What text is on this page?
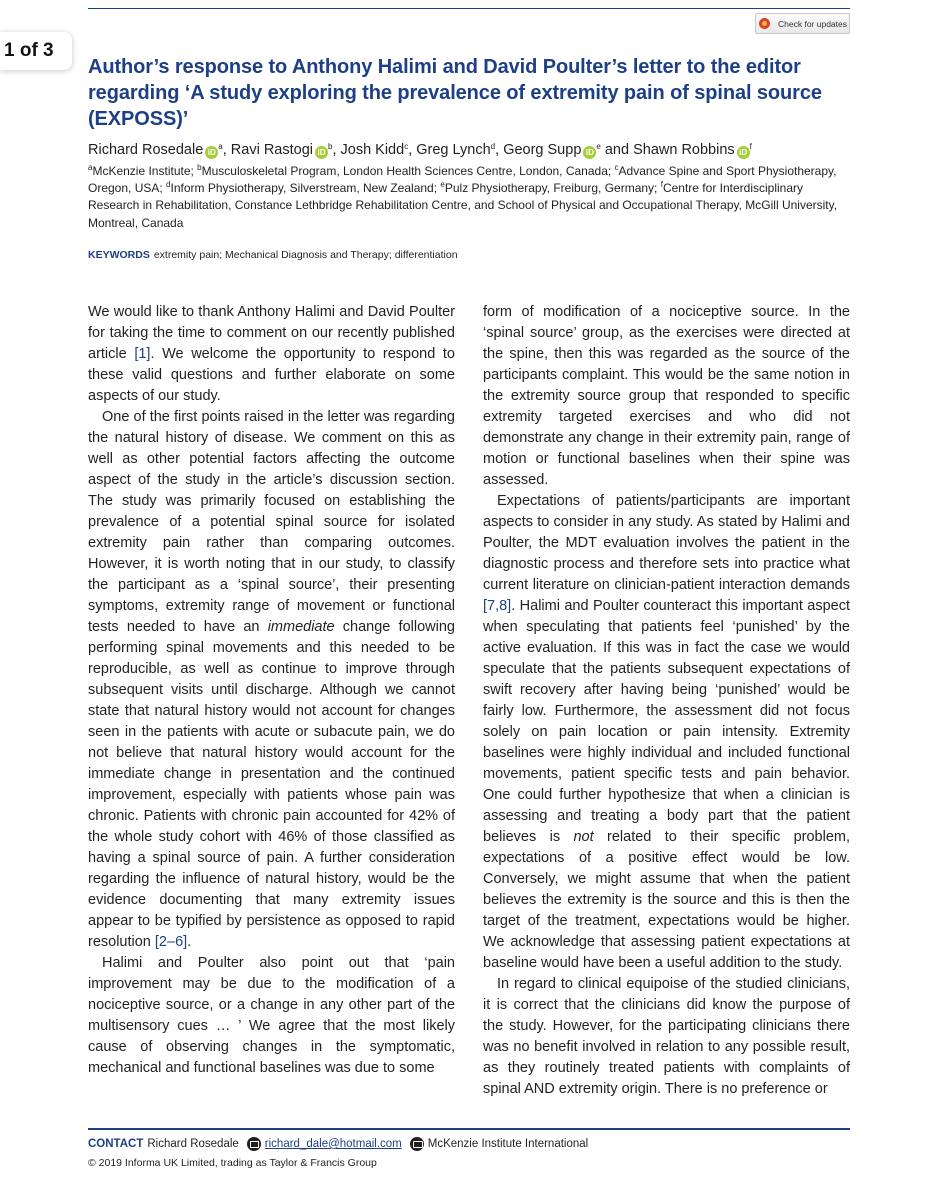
1 of 3
Check for updates
Author’s response to Anthony Halimi and David Poulter’s letter to the editor regarding ‘A study exploring the prevalence of extremity pain of spinal source (EXPOSS)’
Richard Rosedale $iD^a$, Ravi Rastogi $iD^b$, Josh Kidd$^c$, Greg Lynch$^d$, Georg Supp $iD^e$ and Shawn Robbins $iD^f$
$^a$McKenzie Institute; $^b$Musculoskeletal Program, London Health Sciences Centre, London, Canada; $^c$Advance Spine and Sport Physiotherapy, Oregon, USA; $^d$Inform Physiotherapy, Silverstream, New Zealand; $^e$Pulz Physiotherapy, Freiburg, Germany; $^f$Centre for Interdisciplinary Research in Rehabilitation, Constance Lethbridge Rehabilitation Centre, and School of Physical and Occupational Therapy, McGill University, Montreal, Canada
KEYWORDS extremity pain; Mechanical Diagnosis and Therapy; differentiation

We would like to thank Anthony Halimi and David Poulter for taking the time to comment on our recently published article [1]. We welcome the opportunity to respond to these valid questions and further elaborate on some aspects of our study.

One of the first points raised in the letter was regarding the natural history of disease. We comment on this as well as other potential factors affecting the outcome aspect of the study in the article’s discussion section. The study was primarily focused on establishing the prevalence of a potential spinal source for isolated extremity pain rather than comparing outcomes. However, it is worth noting that in our study, to classify the participant as a ‘spinal source’, their presenting symptoms, extremity range of movement or functional tests needed to have an immediate change following performing spinal movements and this needed to be reproducible, as well as continue to improve through subsequent visits until discharge. Although we cannot state that natural history would not account for changes seen in the patients with acute or subacute pain, we do not believe that natural history would account for the immediate change in presentation and the continued improvement, especially with patients whose pain was chronic. Patients with chronic pain accounted for 42% of the whole study cohort with 46% of those classified as having a spinal source of pain. A further consideration regarding the influence of natural history, would be the evidence documenting that many extremity issues appear to be typified by persistence as opposed to rapid resolution [2–6].

Halimi and Poulter also point out that ‘pain improvement may be due to the modification of a nociceptive source, or a change in any other part of the multisensory cues … ’ We agree that the most likely cause of observing changes in the symptomatic, mechanical and functional baselines was due to some

form of modification of a nociceptive source. In the ‘spinal source’ group, as the exercises were directed at the spine, then this was regarded as the source of the participants complaint. This would be the same notion in the extremity source group that responded to specific extremity targeted exercises and who did not demonstrate any change in their extremity pain, range of motion or functional baselines when their spine was assessed.

Expectations of patients/participants are important aspects to consider in any study. As stated by Halimi and Poulter, the MDT evaluation involves the patient in the diagnostic process and therefore sets into practice what current literature on clinician-patient interaction demands [7,8]. Halimi and Poulter counteract this important aspect when speculating that patients feel ‘punished’ by the active evaluation. If this was in fact the case we would speculate that the patients subsequent expectations of swift recovery after having being ‘punished’ would be fairly low. Furthermore, the assessment did not focus solely on pain location or pain intensity. Extremity baselines were highly individual and included functional movements, patient specific tests and pain behavior. One could further hypothesize that when a clinician is assessing and treating a body part that the patient believes is not related to their specific problem, expectations of a positive effect would be low. Conversely, we might assume that when the patient believes the extremity is the source and this is then the target of the treatment, expectations would be higher. We acknowledge that assessing patient expectations at baseline would have been a useful addition to the study.

In regard to clinical equipoise of the studied clinicians, it is correct that the clinicians did know the purpose of the study. However, for the participating clinicians there was no benefit involved in relation to any possible result, as they routinely treated patients with complaints of spinal AND extremity origin. There is no preference or

CONTACT Richard Rosedale richard_dale@hotmail.com McKenzie Institute International
© 2019 Informa UK Limited, trading as Taylor & Francis Group
